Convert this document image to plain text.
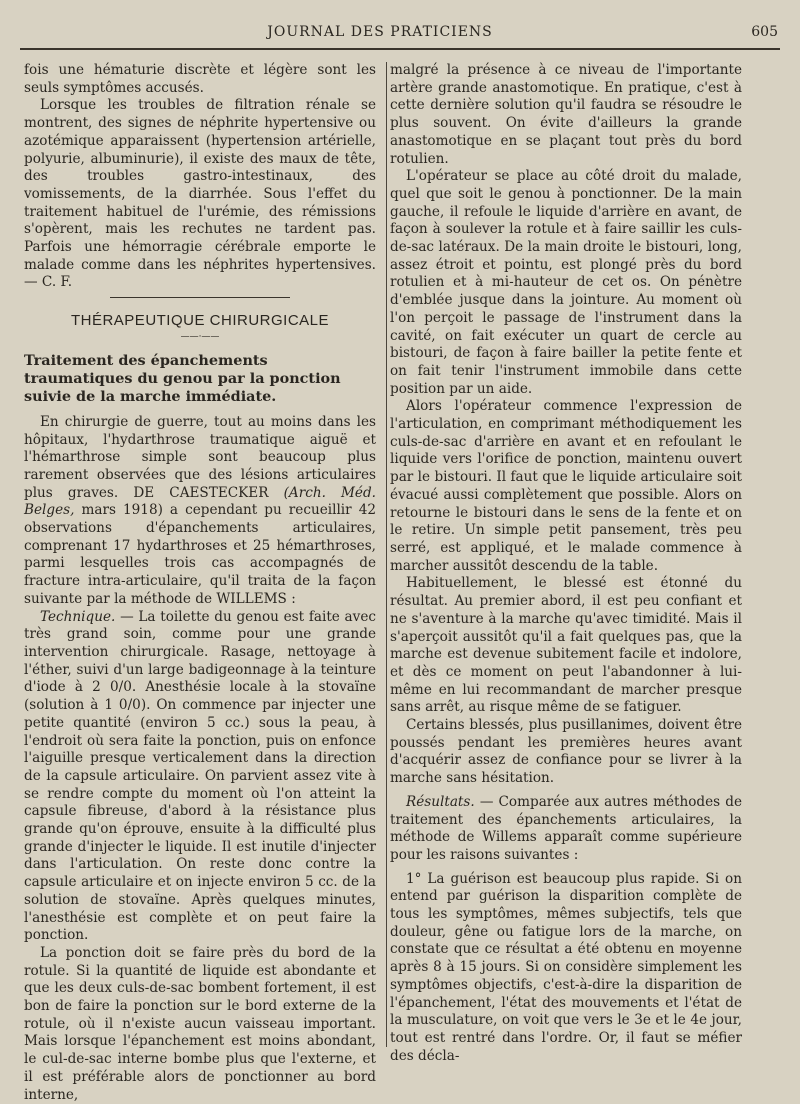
JOURNAL DES PRATICIENS	605

fois une hématurie discrète et légère sont les seuls symptômes accusés.

Lorsque les troubles de filtration rénale se montrent, des signes de néphrite hypertensive ou azotémique apparaissent (hypertension artérielle, polyurie, albuminurie), il existe des maux de tête, des troubles gastro-intestinaux, des vomissements, de la diarrhée. Sous l'effet du traitement habituel de l'urémie, des rémissions s'opèrent, mais les rechutes ne tardent pas. Parfois une hémorragie cérébrale emporte le malade comme dans les néphrites hypertensives. — C. F.

THÉRAPEUTIQUE CHIRURGICALE
——·——
Traitement des épanchements traumatiques du genou par la ponction suivie de la marche immédiate.

En chirurgie de guerre, tout au moins dans les hôpitaux, l'hydarthrose traumatique aiguë et l'hémarthrose simple sont beaucoup plus rarement observées que des lésions articulaires plus graves. DE CAESTECKER (Arch. Méd. Belges, mars 1918) a cependant pu recueillir 42 observations d'épanchements articulaires, comprenant 17 hydarthroses et 25 hémarthroses, parmi lesquelles trois cas accompagnés de fracture intra-articulaire, qu'il traita de la façon suivante par la méthode de WILLEMS :

Technique. — La toilette du genou est faite avec très grand soin, comme pour une grande intervention chirurgicale. Rasage, nettoyage à l'éther, suivi d'un large badigeonnage à la teinture d'iode à 2 0/0. Anesthésie locale à la stovaïne (solution à 1 0/0). On commence par injecter une petite quantité (environ 5 cc.) sous la peau, à l'endroit où sera faite la ponction, puis on enfonce l'aiguille presque verticalement dans la direction de la capsule articulaire. On parvient assez vite à se rendre compte du moment où l'on atteint la capsule fibreuse, d'abord à la résistance plus grande qu'on éprouve, ensuite à la difficulté plus grande d'injecter le liquide. Il est inutile d'injecter dans l'articulation. On reste donc contre la capsule articulaire et on injecte environ 5 cc. de la solution de stovaïne. Après quelques minutes, l'anesthésie est complète et on peut faire la ponction.

La ponction doit se faire près du bord de la rotule. Si la quantité de liquide est abondante et que les deux culs-de-sac bombent fortement, il est bon de faire la ponction sur le bord externe de la rotule, où il n'existe aucun vaisseau important. Mais lorsque l'épanchement est moins abondant, le cul-de-sac interne bombe plus que l'externe, et il est préférable alors de ponctionner au bord interne,

malgré la présence à ce niveau de l'importante artère grande anastomotique. En pratique, c'est à cette dernière solution qu'il faudra se résoudre le plus souvent. On évite d'ailleurs la grande anastomotique en se plaçant tout près du bord rotulien.

L'opérateur se place au côté droit du malade, quel que soit le genou à ponctionner. De la main gauche, il refoule le liquide d'arrière en avant, de façon à soulever la rotule et à faire saillir les culs-de-sac latéraux. De la main droite le bistouri, long, assez étroit et pointu, est plongé près du bord rotulien et à mi-hauteur de cet os. On pénètre d'emblée jusque dans la jointure. Au moment où l'on perçoit le passage de l'instrument dans la cavité, on fait exécuter un quart de cercle au bistouri, de façon à faire bailler la petite fente et on fait tenir l'instrument immobile dans cette position par un aide.

Alors l'opérateur commence l'expression de l'articulation, en comprimant méthodiquement les culs-de-sac d'arrière en avant et en refoulant le liquide vers l'orifice de ponction, maintenu ouvert par le bistouri. Il faut que le liquide articulaire soit évacué aussi complètement que possible. Alors on retourne le bistouri dans le sens de la fente et on le retire. Un simple petit pansement, très peu serré, est appliqué, et le malade commence à marcher aussitôt descendu de la table.

Habituellement, le blessé est étonné du résultat. Au premier abord, il est peu confiant et ne s'aventure à la marche qu'avec timidité. Mais il s'aperçoit aussitôt qu'il a fait quelques pas, que la marche est devenue subitement facile et indolore, et dès ce moment on peut l'abandonner à lui-même en lui recommandant de marcher presque sans arrêt, au risque même de se fatiguer.

Certains blessés, plus pusillanimes, doivent être poussés pendant les premières heures avant d'acquérir assez de confiance pour se livrer à la marche sans hésitation.

Résultats. — Comparée aux autres méthodes de traitement des épanchements articulaires, la méthode de Willems apparaît comme supérieure pour les raisons suivantes :

1° La guérison est beaucoup plus rapide. Si on entend par guérison la disparition complète de tous les symptômes, mêmes subjectifs, tels que douleur, gêne ou fatigue lors de la marche, on constate que ce résultat a été obtenu en moyenne après 8 à 15 jours. Si on considère simplement les symptômes objectifs, c'est-à-dire la disparition de l'épanchement, l'état des mouvements et l'état de la musculature, on voit que vers le 3e et le 4e jour, tout est rentré dans l'ordre. Or, il faut se méfier des décla-
